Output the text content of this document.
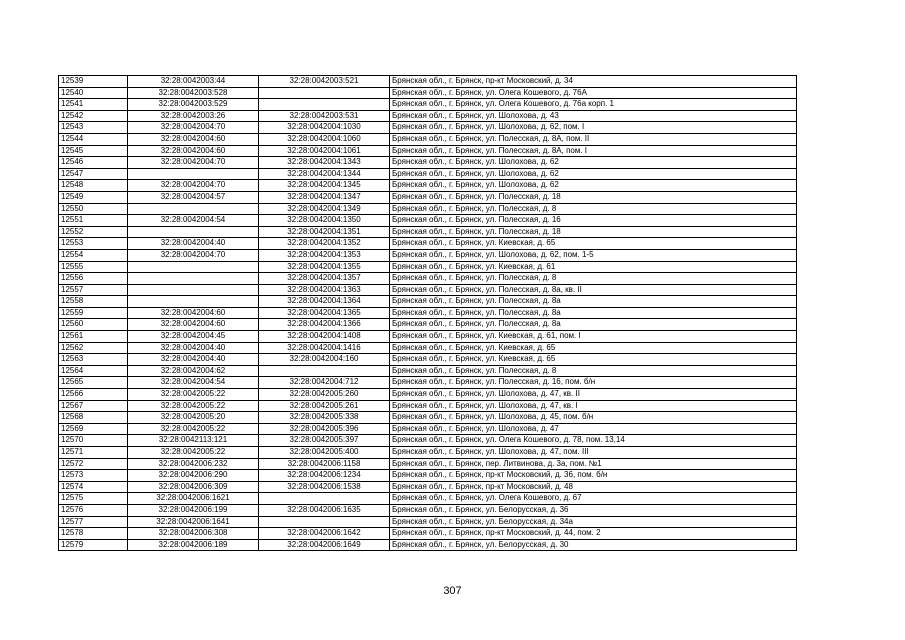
12539	32:28:0042003:44	32:28:0042003:521	Брянская обл., г. Брянск, пр-кт Московский, д. 34
12540	32:28:0042003:528		Брянская обл., г. Брянск, ул. Олега Кошевого, д. 76А
12541	32:28:0042003:529		Брянская обл., г. Брянск, ул. Олега Кошевого, д. 76а корп. 1
12542	32:28:0042003:26	32:28:0042003:531	Брянская обл., г. Брянск, ул. Шолохова, д. 43
12543	32:28:0042004:70	32:28:0042004:1030	Брянская обл., г. Брянск, ул. Шолохова, д. 62, пом. I
12544	32:28:0042004:60	32:28:0042004:1060	Брянская обл., г. Брянск, ул. Полесская, д. 8А, пом. II
12545	32:28:0042004:60	32:28:0042004:1061	Брянская обл., г. Брянск, ул. Полесская, д. 8А, пом. I
12546	32:28:0042004:70	32:28:0042004:1343	Брянская обл., г. Брянск, ул. Шолохова, д. 62
12547		32:28:0042004:1344	Брянская обл., г. Брянск, ул. Шолохова, д. 62
12548	32:28:0042004:70	32:28:0042004:1345	Брянская обл., г. Брянск, ул. Шолохова, д. 62
12549	32:28:0042004:57	32:28:0042004:1347	Брянская обл., г. Брянск, ул. Полесская, д. 18
12550		32:28:0042004:1349	Брянская обл., г. Брянск, ул. Полесская, д. 8
12551	32:28:0042004:54	32:28:0042004:1350	Брянская обл., г. Брянск, ул. Полесская, д. 16
12552		32:28:0042004:1351	Брянская обл., г. Брянск, ул. Полесская, д. 18
12553	32:28:0042004:40	32:28:0042004:1352	Брянская обл., г. Брянск, ул. Киевская, д. 65
12554	32:28:0042004:70	32:28:0042004:1353	Брянская обл., г. Брянск, ул. Шолохова, д. 62, пом. 1-5
12555		32:28:0042004:1355	Брянская обл., г. Брянск, ул. Киевская, д. 61
12556		32:28:0042004:1357	Брянская обл., г. Брянск, ул. Полесская, д. 8
12557		32:28:0042004:1363	Брянская обл., г. Брянск, ул. Полесская, д. 8а, кв. II
12558		32:28:0042004:1364	Брянская обл., г. Брянск, ул. Полесская, д. 8а
12559	32:28:0042004:60	32:28:0042004:1365	Брянская обл., г. Брянск, ул. Полесская, д. 8а
12560	32:28:0042004:60	32:28:0042004:1366	Брянская обл., г. Брянск, ул. Полесская, д. 8а
12561	32:28:0042004:45	32:28:0042004:1408	Брянская обл., г. Брянск, ул. Киевская, д. 61, пом. I
12562	32:28:0042004:40	32:28:0042004:1416	Брянская обл., г. Брянск, ул. Киевская, д. 65
12563	32:28:0042004:40	32:28:0042004:160	Брянская обл., г. Брянск, ул. Киевская, д. 65
12564	32:28:0042004:62		Брянская обл., г. Брянск, ул. Полесская, д. 8
12565	32:28:0042004:54	32:28:0042004:712	Брянская обл., г. Брянск, ул. Полесская, д. 16, пом. б/н
12566	32:28:0042005:22	32:28:0042005:260	Брянская обл., г. Брянск, ул. Шолохова, д. 47, кв. II
12567	32:28:0042005:22	32:28:0042005:261	Брянская обл., г. Брянск, ул. Шолохова, д. 47, кв. I
12568	32:28:0042005:20	32:28:0042005:338	Брянская обл., г. Брянск, ул. Шолохова, д. 45, пом. б/н
12569	32:28:0042005:22	32:28:0042005:396	Брянская обл., г. Брянск, ул. Шолохова, д. 47
12570	32:28:0042113:121	32:28:0042005:397	Брянская обл., г. Брянск, ул. Олега Кошевого, д. 78, пом. 13,14
12571	32:28:0042005:22	32:28:0042005:400	Брянская обл., г. Брянск, ул. Шолохова, д. 47, пом. III
12572	32:28:0042006:232	32:28:0042006:1158	Брянская обл., г. Брянск, пер. Литвинова, д. 3а, пом. №1
12573	32:28:0042006:290	32:28:0042006:1234	Брянская обл., г. Брянск, пр-кт Московский, д. 36, пом. б/н
12574	32:28:0042006:309	32:28:0042006:1538	Брянская обл., г. Брянск, пр-кт Московский, д. 48
12575	32:28:0042006:1621		Брянская обл., г. Брянск, ул. Олега Кошевого, д. 67
12576	32:28:0042006:199	32:28:0042006:1635	Брянская обл., г. Брянск, ул. Белорусская, д. 36
12577	32:28:0042006:1641		Брянская обл., г. Брянск, ул. Белорусская, д. 34а
12578	32:28:0042006:308	32:28:0042006:1642	Брянская обл., г. Брянск, пр-кт Московский, д. 44, пом. 2
12579	32:28:0042006:189	32:28:0042006:1649	Брянская обл., г. Брянск, ул. Белорусская, д. 30
307
